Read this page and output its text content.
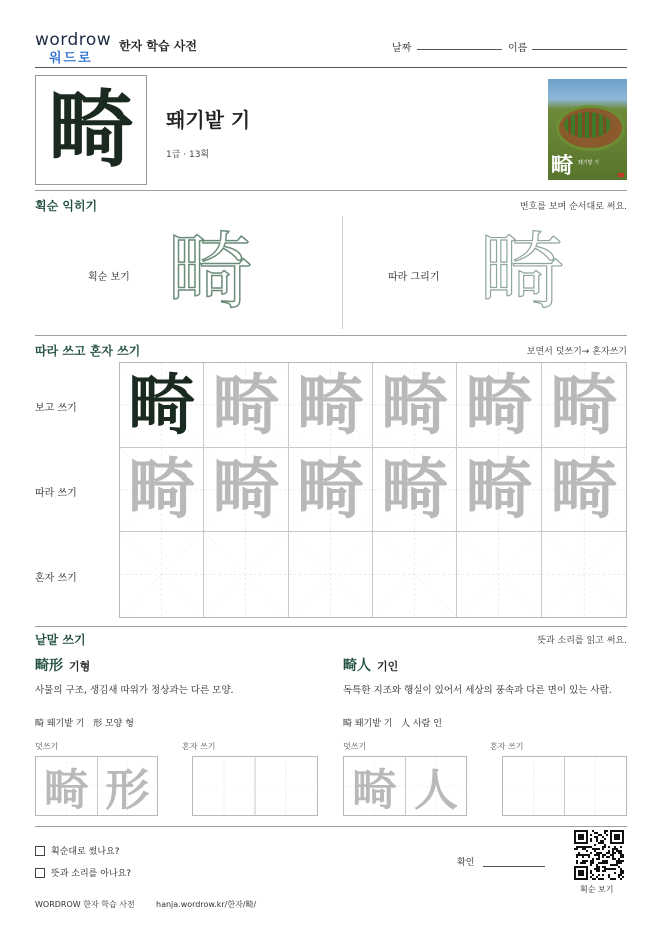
wordrow
워드로
한자 학습 사전	날짜	이름
畸 뙈기밭 기
1급 · 13획	畸 뙈기밭 기
획순 익히기	번호를 보며 순서대로 써요.
획순 보기 畸	따라 그리기 畸
따라 쓰고 혼자 쓰기	보면서 덧쓰기→ 혼자쓰기
보고 쓰기
따라 쓰기
혼자 쓰기
畸 畸 畸 畸 畸 畸
畸 畸 畸 畸 畸 畸
낱말 쓰기	뜻과 소리를 읽고 써요.
畸形 기형
사물의 구조, 생김새 따위가 정상과는 다른 모양.
畸 뙈기밭 기   形 모양 형
덧쓰기	혼자 쓰기
畸 形
畸人 기인
독특한 지조와 행실이 있어서 세상의 풍속과 다른 면이 있는 사람.
畸 뙈기밭 기   人 사람 인
덧쓰기	혼자 쓰기
畸 人
획순대로 썼나요?
뜻과 소리를 아나요?
확인
획순 보기
WORDROW 한자 학습 사전	hanja.wordrow.kr/한자/畸/
